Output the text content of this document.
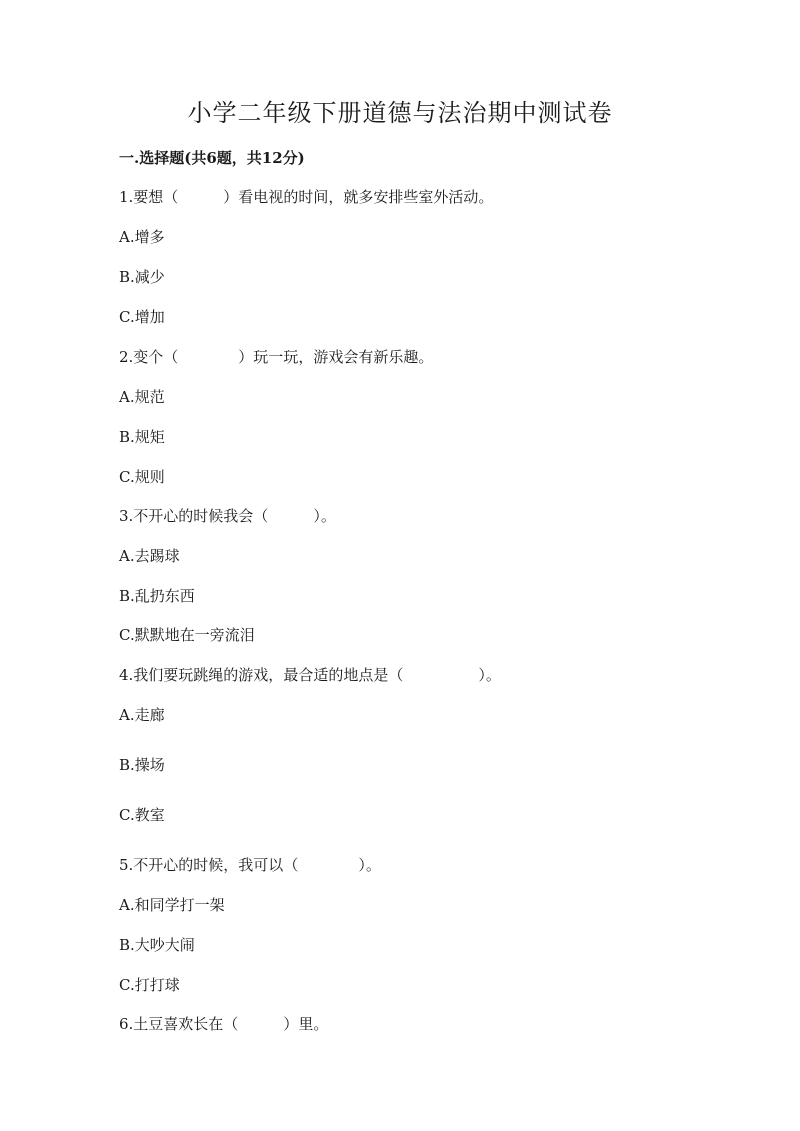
小学二年级下册道德与法治期中测试卷
一.选择题(共6题，共12分)
1.要想（　　　）看电视的时间，就多安排些室外活动。
A.增多
B.减少
C.增加
2.变个（　　　　）玩一玩，游戏会有新乐趣。
A.规范
B.规矩
C.规则
3.不开心的时候我会（　　　）。
A.去踢球
B.乱扔东西
C.默默地在一旁流泪
4.我们要玩跳绳的游戏，最合适的地点是（　　　　　）。
A.走廊
B.操场
C.教室
5.不开心的时候，我可以（　　　　）。
A.和同学打一架
B.大吵大闹
C.打打球
6.土豆喜欢长在（　　　）里。
